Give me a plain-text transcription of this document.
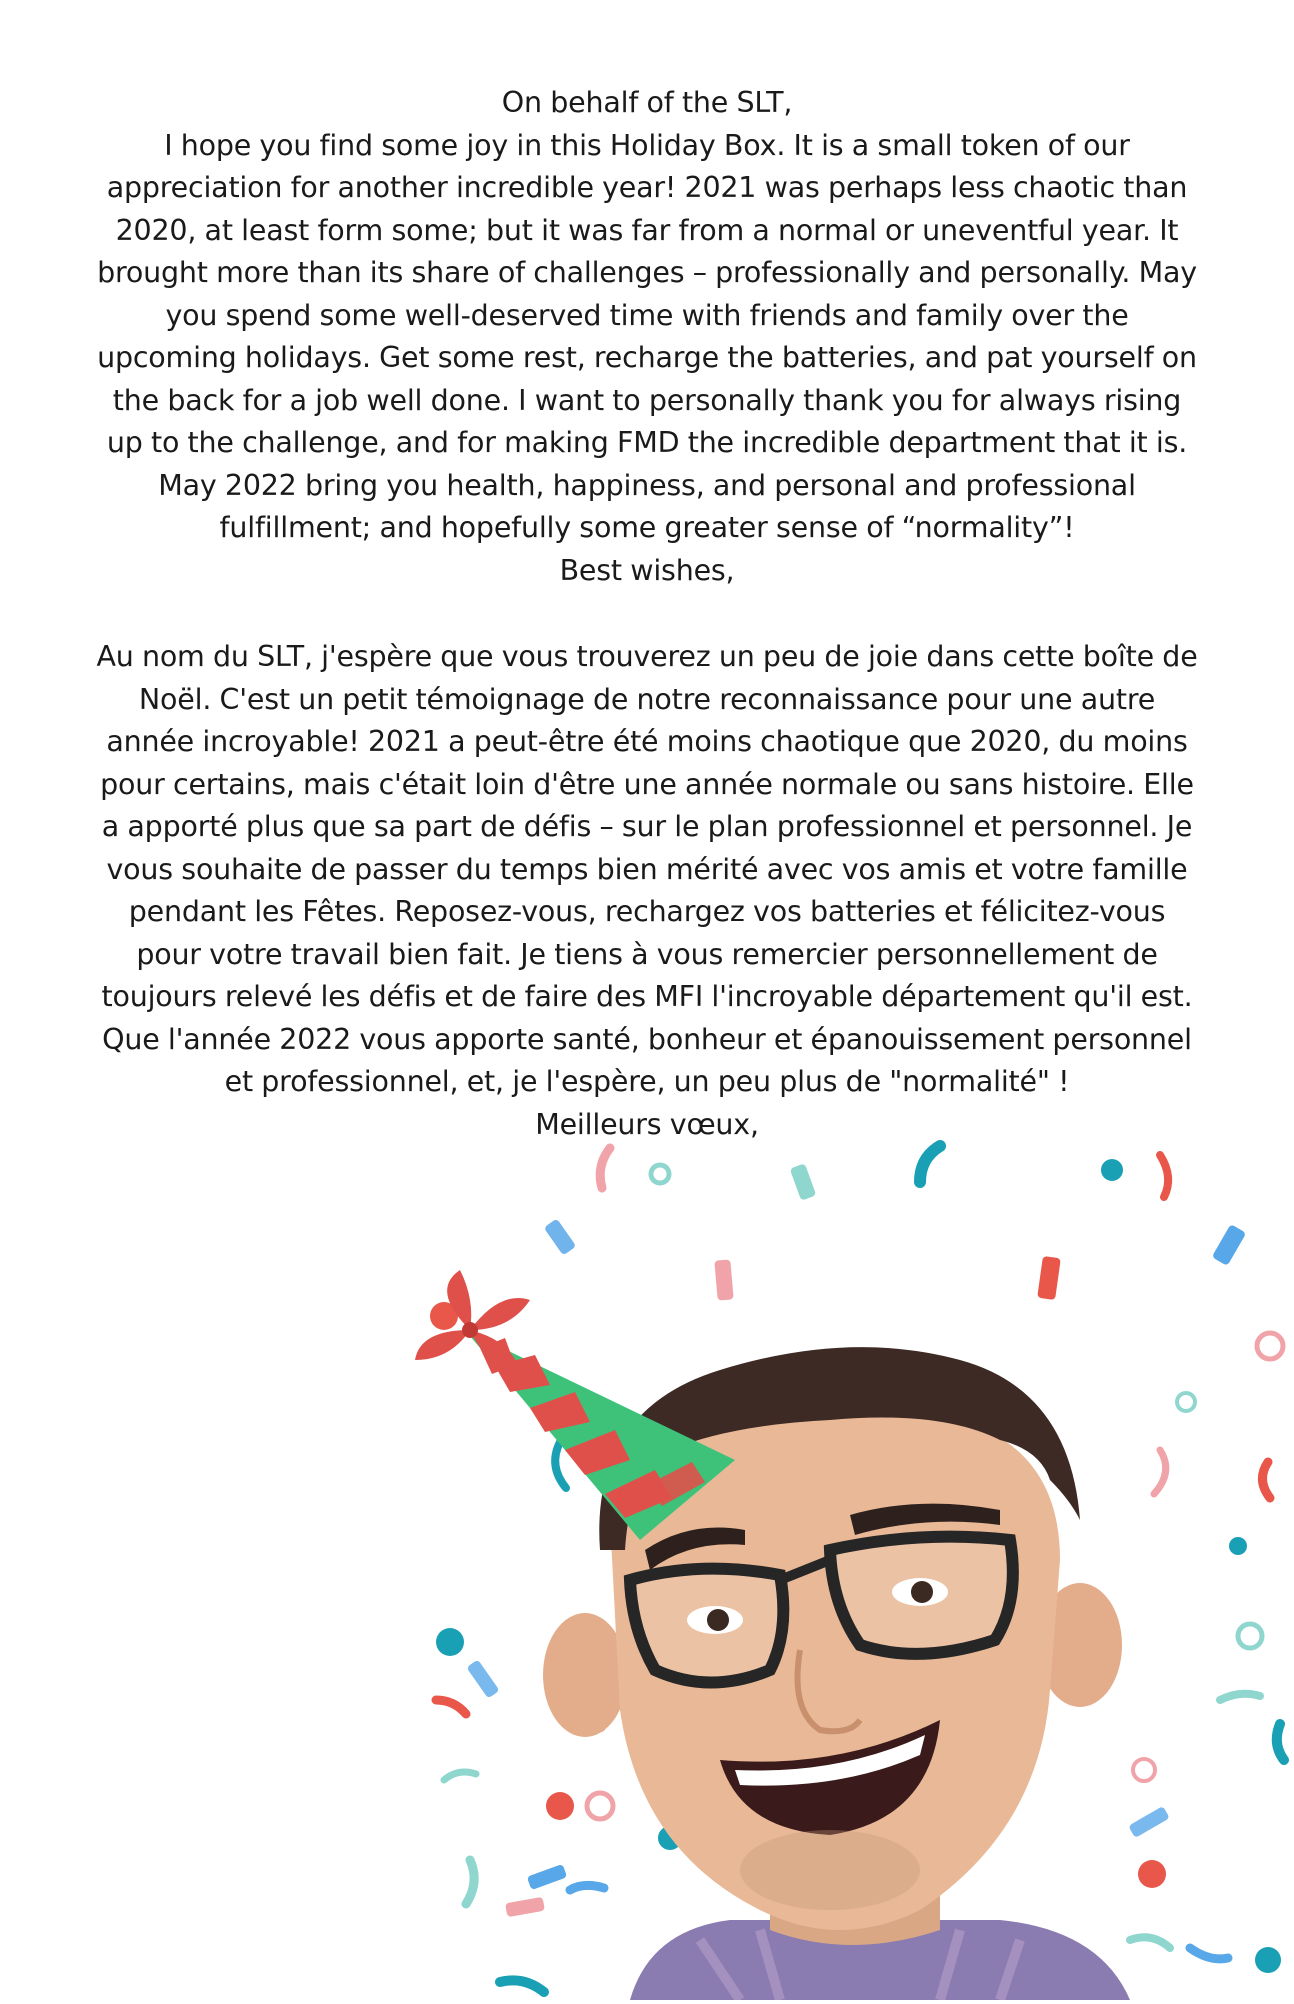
On behalf of the SLT,

I hope you find some joy in this Holiday Box. It is a small token of our appreciation for another incredible year! 2021 was perhaps less chaotic than 2020, at least form some; but it was far from a normal or uneventful year. It brought more than its share of challenges – professionally and personally. May you spend some well-deserved time with friends and family over the upcoming holidays. Get some rest, recharge the batteries, and pat yourself on the back for a job well done. I want to personally thank you for always rising up to the challenge, and for making FMD the incredible department that it is. May 2022 bring you health, happiness, and personal and professional fulfillment; and hopefully some greater sense of “normality”!

Best wishes,

Au nom du SLT, j'espère que vous trouverez un peu de joie dans cette boîte de Noël. C'est un petit témoignage de notre reconnaissance pour une autre année incroyable! 2021 a peut-être été moins chaotique que 2020, du moins pour certains, mais c'était loin d'être une année normale ou sans histoire. Elle a apporté plus que sa part de défis – sur le plan professionnel et personnel. Je vous souhaite de passer du temps bien mérité avec vos amis et votre famille pendant les Fêtes. Reposez-vous, rechargez vos batteries et félicitez-vous pour votre travail bien fait. Je tiens à vous remercier personnellement de toujours relevé les défis et de faire des MFI l'incroyable département qu'il est. Que l'année 2022 vous apporte santé, bonheur et épanouissement personnel et professionnel, et, je l'espère, un peu plus de "normalité" !

Meilleurs vœux,
